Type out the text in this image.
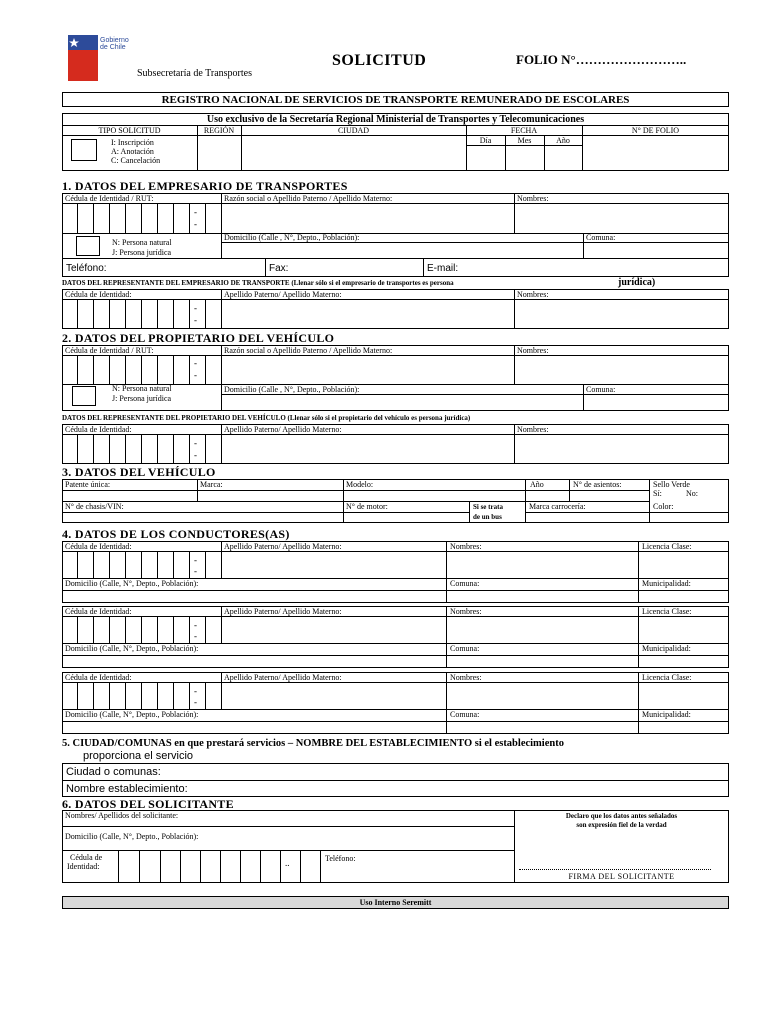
Gobierno
de Chile
Subsecretaría de Transportes
SOLICITUD	FOLIO N°……………………..
REGISTRO NACIONAL DE SERVICIOS DE TRANSPORTE REMUNERADO DE ESCOLARES
Uso exclusivo de la Secretaría Regional Ministerial de Transportes y Telecomunicaciones
TIPO SOLICITUD	REGIÓN	CIUDAD	FECHA	N° DE FOLIO
Día	Mes	Año
I: Inscripción
A: Anotación
C: Cancelación
1. DATOS DEL EMPRESARIO DE TRANSPORTES
Cédula de Identidad / RUT:	Razón social o Apellido Paterno / Apellido Materno:	Nombres:
-
-
N: Persona natural
J: Persona jurídica
Domicilio (Calle , N°, Depto., Población):	Comuna:
Teléfono:	Fax:	E-mail:
DATOS DEL REPRESENTANTE DEL EMPRESARIO DE TRANSPORTE (Llenar sólo si el empresario de transportes es persona	jurídica)
Cédula de Identidad:	Apellido Paterno/ Apellido Materno:	Nombres:
-
-
2. DATOS DEL PROPIETARIO DEL VEHÍCULO
Cédula de Identidad / RUT:	Razón social o Apellido Paterno / Apellido Materno:	Nombres:
-
-
N: Persona natural
J: Persona jurídica
Domicilio (Calle , N°, Depto., Población):	Comuna:
DATOS DEL REPRESENTANTE DEL PROPIETARIO DEL VEHÍCULO (Llenar sólo si el propietario del vehículo es persona jurídica)
Cédula de Identidad:	Apellido Paterno/ Apellido Materno:	Nombres:
-
-
3. DATOS DEL VEHÍCULO
Patente única:	Marca:	Modelo:	Año	N° de asientos:	Sello Verde
Sí:	No:
N° de chasis/VIN:	N° de motor:	Si se trata
de un bus
Marca carrocería:	Color:
4. DATOS DE LOS CONDUCTORES(AS)
Cédula de Identidad:	Apellido Paterno/ Apellido Materno:	Nombres:	Licencia Clase:
-
-
Domicilio (Calle, N°, Depto., Población):	Comuna:	Municipalidad:
Cédula de Identidad:	Apellido Paterno/ Apellido Materno:	Nombres:	Licencia Clase:
-
-
Domicilio (Calle, N°, Depto., Población):	Comuna:	Municipalidad:
Cédula de Identidad:	Apellido Paterno/ Apellido Materno:	Nombres:	Licencia Clase:
-
-
Domicilio (Calle, N°, Depto., Población):	Comuna:	Municipalidad:
5. CIUDAD/COMUNAS en que prestará servicios – NOMBRE DEL ESTABLECIMIENTO si el establecimiento
proporciona el servicio
Ciudad o comunas:
Nombre establecimiento:
6. DATOS DEL SOLICITANTE
Nombres/ Apellidos del solicitante:
Domicilio (Calle, N°, Depto., Población):
Cédula de
Identidad:	..	Teléfono:
Declaro que los datos antes señalados
son expresión fiel de la verdad
FIRMA DEL SOLICITANTE
Uso Interno Seremitt
